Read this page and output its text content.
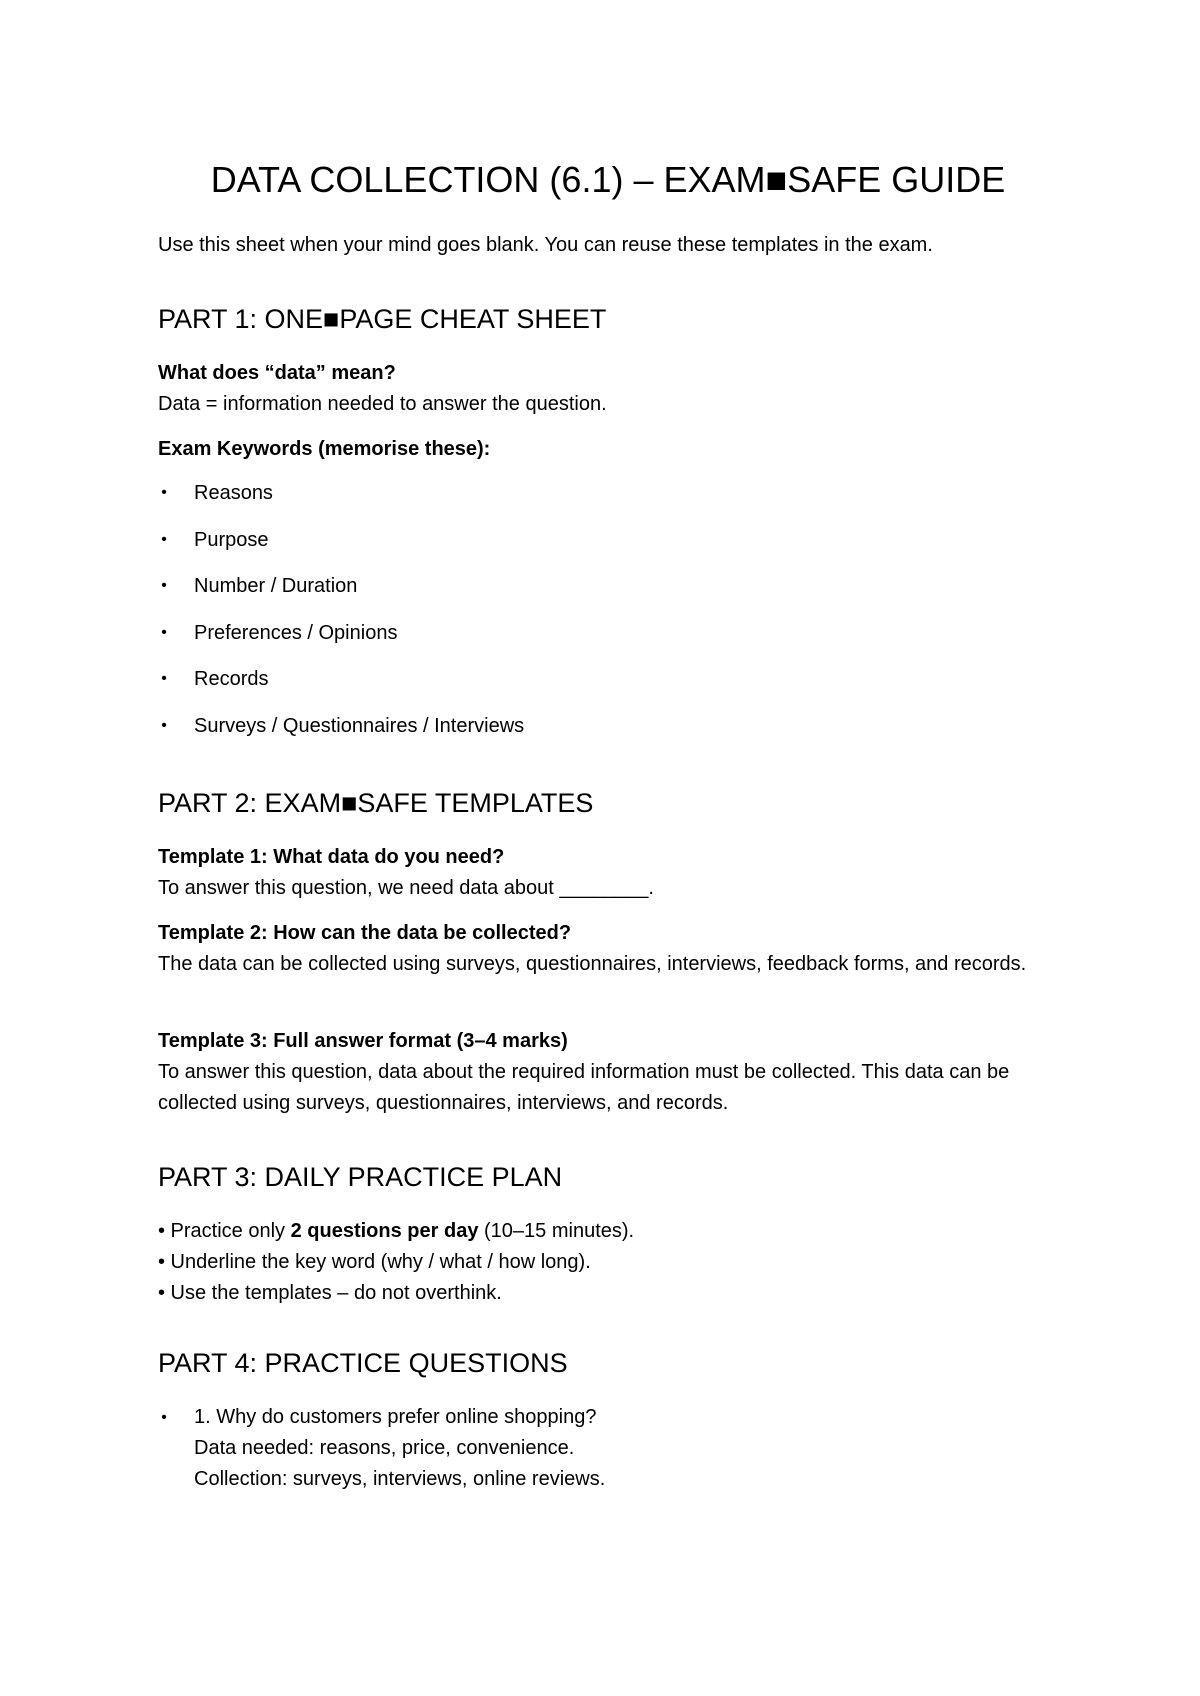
DATA COLLECTION (6.1) – EXAM■SAFE GUIDE

Use this sheet when your mind goes blank. You can reuse these templates in the exam.

PART 1: ONE■PAGE CHEAT SHEET
What does “data” mean?
Data = information needed to answer the question.
Exam Keywords (memorise these):
• Reasons
• Purpose
• Number / Duration
• Preferences / Opinions
• Records
• Surveys / Questionnaires / Interviews
PART 2: EXAM■SAFE TEMPLATES
Template 1: What data do you need?
To answer this question, we need data about ________.
Template 2: How can the data be collected?
The data can be collected using surveys, questionnaires, interviews, feedback forms, and records.
Template 3: Full answer format (3–4 marks)
To answer this question, data about the required information must be collected. This data can be collected using surveys, questionnaires, interviews, and records.
PART 3: DAILY PRACTICE PLAN
• Practice only 2 questions per day (10–15 minutes).
• Underline the key word (why / what / how long).
• Use the templates – do not overthink.
PART 4: PRACTICE QUESTIONS
• 1. Why do customers prefer online shopping?
Data needed: reasons, price, convenience.
Collection: surveys, interviews, online reviews.
